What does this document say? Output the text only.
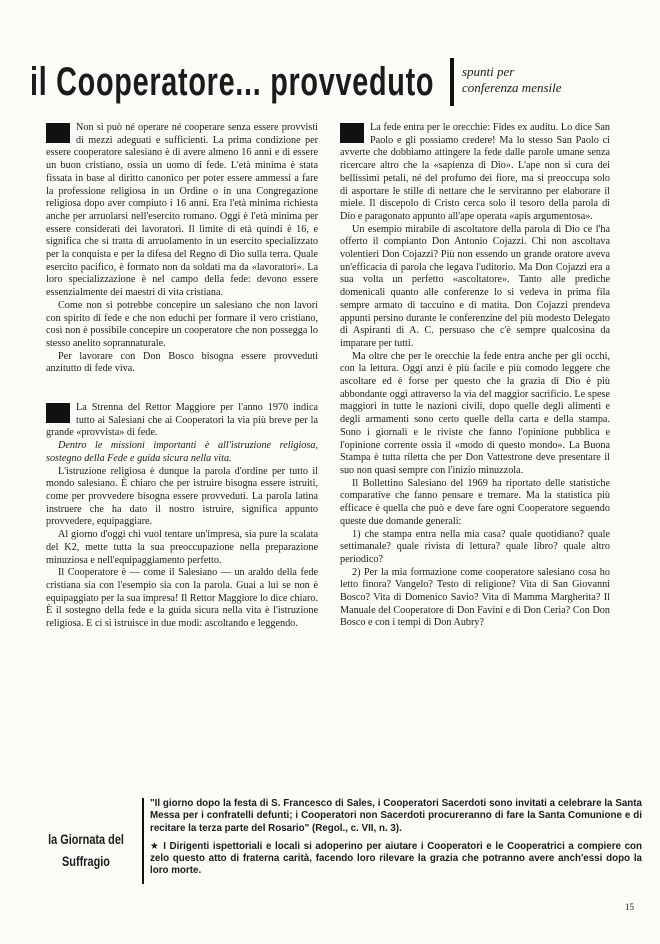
il Cooperatore... provveduto spunti per
conferenza mensile

Non si può né operare né cooperare senza essere provvisti di mezzi adeguati e sufficienti. La prima condizione per essere cooperatore salesiano è di avere almeno 16 anni e di essere un buon cristiano, ossia un uomo di fede. L'età minima è stata fissata in base al diritto canonico per poter essere ammessi a fare la professione religiosa in un Ordine o in una Congregazione religiosa dopo aver compiuto i 16 anni. Era l'età minima richiesta anche per arruolarsi nell'esercito romano. Oggi è l'età minima per essere considerati dei lavoratori. Il limite di età quindi è 16, e significa che si tratta di arruolamento in un esercito specializzato per la conquista e per la difesa del Regno di Dio sulla terra. Quale esercito pacifico, è formato non da soldati ma da «lavoratori». La loro specializzazione è nel campo della fede: devono essere essenzialmente dei maestri di vita cristiana.

Come non si potrebbe concepire un salesiano che non lavori con spirito di fede e che non educhi per formare il vero cristiano, così non è possibile concepire un cooperatore che non possegga lo stesso anelito soprannaturale.

Per lavorare con Don Bosco bisogna essere provveduti anzitutto di fede viva.

La Strenna del Rettor Maggiore per l'anno 1970 indica tutto ai Salesiani che ai Cooperatori la via più breve per la grande «provvista» di fede.

Dentro le missioni importanti è all'istruzione religiosa, sostegno della Fede e guida sicura nella vita.

L'istruzione religiosa è dunque la parola d'ordine per tutto il mondo salesiano. È chiaro che per istruire bisogna essere istruiti, come per provvedere bisogna essere provveduti. La parola latina instruere che ha dato il nostro istruire, significa appunto provvedere, equipaggiare.

Al giorno d'oggi chi vuol tentare un'impresa, sia pure la scalata del K2, mette tutta la sua preoccupazione nella preparazione minuziosa e nell'equipaggiamento perfetto.

Il Cooperatore è — come il Salesiano — un araldo della fede cristiana sia con l'esempio sia con la parola. Guai a lui se non è equipaggiato per la sua impresa! Il Rettor Maggiore lo dice chiaro. È il sostegno della fede e la guida sicura nella vita è l'istruzione religiosa. E ci si istruisce in due modi: ascoltando e leggendo.

La fede entra per le orecchie: Fides ex auditu. Lo dice San Paolo e gli possiamo credere! Ma lo stesso San Paolo ci avverte che dobbiamo attingere la fede dalle parole umane senza ricercare altro che la «sapienza di Dio». L'ape non si cura dei bellissimi petali, né del profumo dei fiore, ma si preoccupa solo di asportare le stille di nettare che le serviranno per elaborare il miele. Il discepolo di Cristo cerca solo il tesoro della parola di Dio e paragonato appunto all'ape operata «apis argumentosa».

Un esempio mirabile di ascoltatore della parola di Dio ce l'ha offerto il compianto Don Antonio Cojazzi. Chi non ascoltava volentieri Don Cojazzi? Più non essendo un grande oratore aveva un'efficacia di parola che legava l'uditorio. Ma Don Cojazzi era a sua volta un perfetto «ascoltatore». Tanto alle prediche domenicali quanto alle conferenze lo si vedeva in prima fila sempre armato di taccuino e di matita. Don Cojazzi prendeva appunti persino durante le conferenzine del più modesto Delegato di Aspiranti di A. C. persuaso che c'è sempre qualcosina da imparare per tutti.

Ma oltre che per le orecchie la fede entra anche per gli occhi, con la lettura. Oggi anzi è più facile e più comodo leggere che ascoltare ed è forse per questo che la grazia di Dio è più abbondante oggi attraverso la via del maggior sacrificio. Le spese maggiori in tutte le nazioni civili, dopo quelle degli alimenti e degli armamenti sono certo quelle della carta e della stampa. Sono i giornali e le riviste che fanno l'opinione pubblica e l'opinione corrente ossia il «modo di questo mondo». La Buona Stampa è tutta riletta che per Don Vattestrone deve presentare il suo non quasi sempre con l'inizio minuzzola.

Il Bollettino Salesiano del 1969 ha riportato delle statistiche comparative che fanno pensare e tremare. Ma la statistica più efficace è quella che può e deve fare ogni Cooperatore seguendo queste due domande generali:

1) che stampa entra nella mia casa? quale quotidiano? quale settimanale? quale rivista di lettura? quale libro? quale altro periodico?

2) Per la mia formazione come cooperatore salesiano cosa ho letto finora? Vangelo? Testo di religione? Vita di San Giovanni Bosco? Vita di Domenico Savio? Vita di Mamma Margherita? Il Manuale del Cooperatore di Don Favini e di Don Ceria? Con Don Bosco e con i tempi di Don Aubry?

la Giornata del
Suffragio

"Il giorno dopo la festa di S. Francesco di Sales, i Cooperatori Sacerdoti sono invitati a celebrare la Santa Messa per i confratelli defunti; i Cooperatori non Sacerdoti procureranno di fare la Santa Comunione e di recitare la terza parte del Rosario" (Regol., c. VII, n. 3).

★ I Dirigenti ispettoriali e locali si adoperino per aiutare i Cooperatori e le Cooperatrici a compiere con zelo questo atto di fraterna carità, facendo loro rilevare la grazia che potranno avere anch'essi dopo la loro morte.

15
